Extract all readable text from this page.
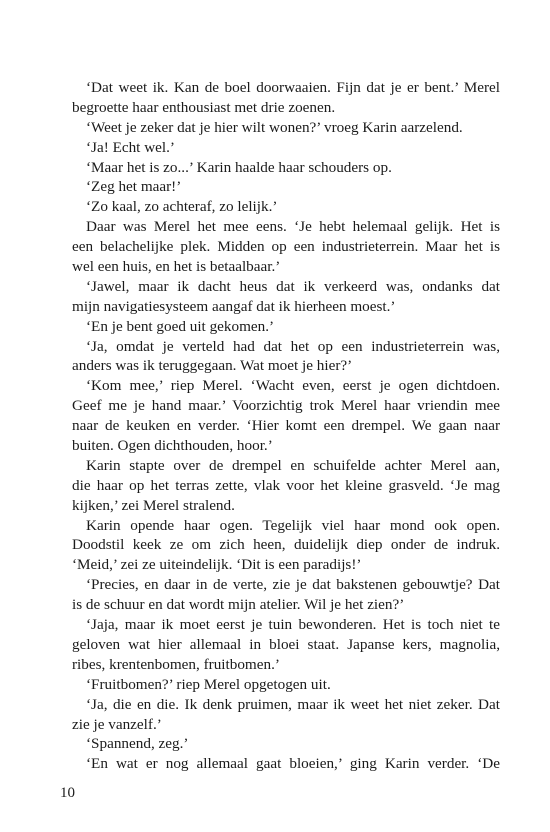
‘Dat weet ik. Kan de boel doorwaaien. Fijn dat je er bent.’ Merel
begroette haar enthousiast met drie zoenen.
‘Weet je zeker dat je hier wilt wonen?’ vroeg Karin aarzelend.
‘Ja! Echt wel.’
‘Maar het is zo...’ Karin haalde haar schouders op.
‘Zeg het maar!’
‘Zo kaal, zo achteraf, zo lelijk.’
Daar was Merel het mee eens. ‘Je hebt helemaal gelijk. Het is
een belachelijke plek. Midden op een industrieterrein. Maar het is
wel een huis, en het is betaalbaar.’
‘Jawel, maar ik dacht heus dat ik verkeerd was, ondanks dat
mijn navigatiesysteem aangaf dat ik hierheen moest.’
‘En je bent goed uit gekomen.’
‘Ja, omdat je verteld had dat het op een industrieterrein was,
anders was ik teruggegaan. Wat moet je hier?’
‘Kom mee,’ riep Merel. ‘Wacht even, eerst je ogen dichtdoen.
Geef me je hand maar.’ Voorzichtig trok Merel haar vriendin mee
naar de keuken en verder. ‘Hier komt een drempel. We gaan naar
buiten. Ogen dichthouden, hoor.’
Karin stapte over de drempel en schuifelde achter Merel aan,
die haar op het terras zette, vlak voor het kleine grasveld. ‘Je mag
kijken,’ zei Merel stralend.
Karin opende haar ogen. Tegelijk viel haar mond ook open.
Doodstil keek ze om zich heen, duidelijk diep onder de indruk.
‘Meid,’ zei ze uiteindelijk. ‘Dit is een paradijs!’
‘Precies, en daar in de verte, zie je dat bakstenen gebouwtje? Dat
is de schuur en dat wordt mijn atelier. Wil je het zien?’
‘Jaja, maar ik moet eerst je tuin bewonderen. Het is toch niet te
geloven wat hier allemaal in bloei staat. Japanse kers, magnolia,
ribes, krentenbomen, fruitbomen.’
‘Fruitbomen?’ riep Merel opgetogen uit.
‘Ja, die en die. Ik denk pruimen, maar ik weet het niet zeker. Dat
zie je vanzelf.’
‘Spannend, zeg.’
‘En wat er nog allemaal gaat bloeien,’ ging Karin verder. ‘De
10
